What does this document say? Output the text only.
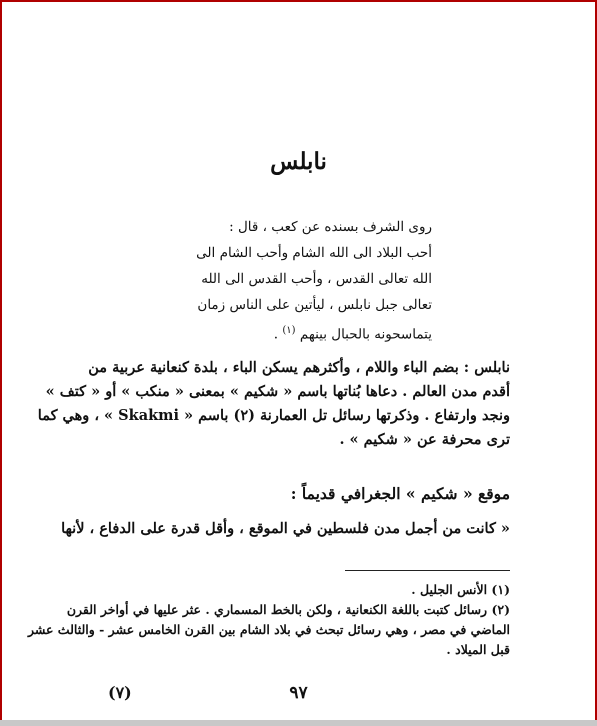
نابلس
روى الشرف بسنده عن كعب ، قال :
أحب البلاد الى الله الشام وأحب الشام الى
الله تعالى القدس ، وأحب القدس الى الله
تعالى جبل نابلس ، ليأتين على الناس زمان
يتماسحونه بالحبال بينهم $^{(١)}$ .
نابلس : بضم الباء واللام ، وأكثرهم يسكن الباء ، بلدة كنعانية عربية من
أقدم مدن العالم . دعاها بُناتها باسم « شكيم » بمعنى « منكب » أو « كتف »
ونجد وارتفاع . وذكرتها رسائل تل العمارنة (٢) باسم « Skakmi » ، وهي كما
ترى محرفة عن « شكيم » .
موقع « شكيم » الجغرافي قديماً :
« كانت من أجمل مدن فلسطين في الموقع ، وأقل قدرة على الدفاع ، لأنها
(١) الأنس الجليل .
(٢) رسائل كتبت باللغة الكنعانية ، ولكن بالخط المسماري . عثر عليها في أواخر القرن
الماضي في مصر ، وهي رسائل تبحث في بلاد الشام بين القرن الخامس عشر - والثالث عشر
قبل الميلاد .
٩٧
(٧)
